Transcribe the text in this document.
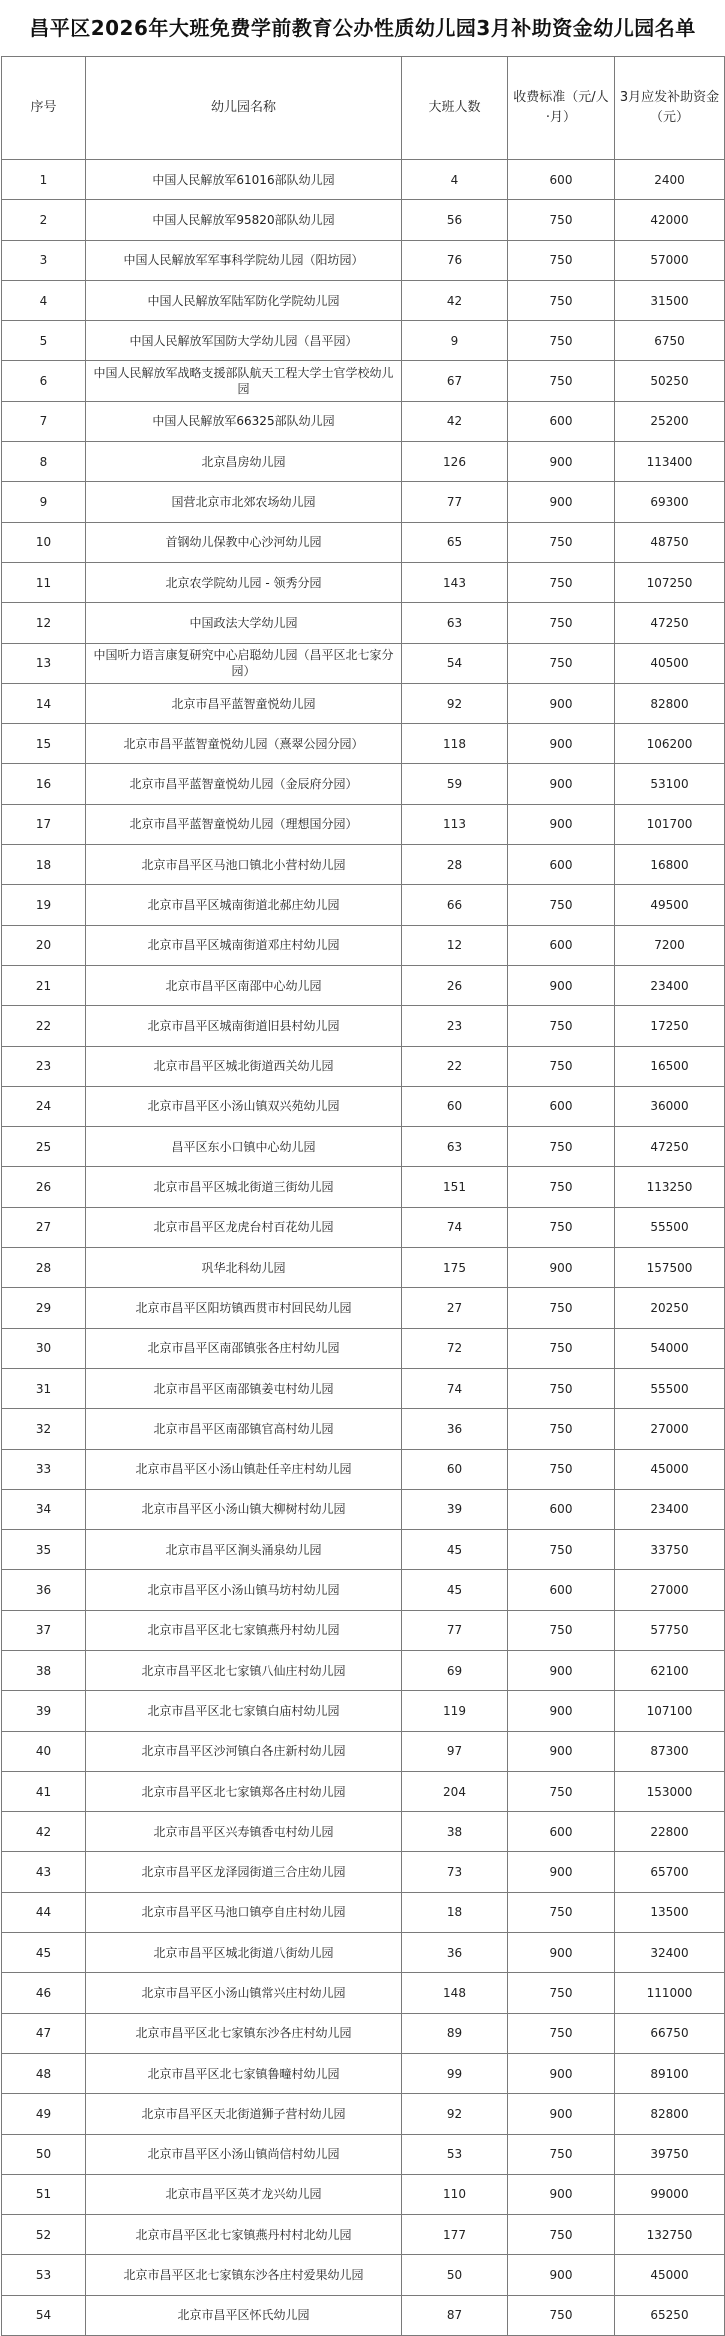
昌平区2026年大班免费学前教育公办性质幼儿园3月补助资金幼儿园名单
序号	幼儿园名称	大班人数	收费标准（元/人·月）	3月应发补助资金（元）
1	中国人民解放军61016部队幼儿园	4	600	2400
2	中国人民解放军95820部队幼儿园	56	750	42000
3	中国人民解放军军事科学院幼儿园（阳坊园）	76	750	57000
4	中国人民解放军陆军防化学院幼儿园	42	750	31500
5	中国人民解放军国防大学幼儿园（昌平园）	9	750	6750
6	中国人民解放军战略支援部队航天工程大学士官学校幼儿园	67	750	50250
7	中国人民解放军66325部队幼儿园	42	600	25200
8	北京昌房幼儿园	126	900	113400
9	国营北京市北郊农场幼儿园	77	900	69300
10	首钢幼儿保教中心沙河幼儿园	65	750	48750
11	北京农学院幼儿园 - 领秀分园	143	750	107250
12	中国政法大学幼儿园	63	750	47250
13	中国听力语言康复研究中心启聪幼儿园（昌平区北七家分园）	54	750	40500
14	北京市昌平蓝智童悦幼儿园	92	900	82800
15	北京市昌平蓝智童悦幼儿园（熹翠公园分园）	118	900	106200
16	北京市昌平蓝智童悦幼儿园（金辰府分园）	59	900	53100
17	北京市昌平蓝智童悦幼儿园（理想国分园）	113	900	101700
18	北京市昌平区马池口镇北小营村幼儿园	28	600	16800
19	北京市昌平区城南街道北郝庄幼儿园	66	750	49500
20	北京市昌平区城南街道邓庄村幼儿园	12	600	7200
21	北京市昌平区南邵中心幼儿园	26	900	23400
22	北京市昌平区城南街道旧县村幼儿园	23	750	17250
23	北京市昌平区城北街道西关幼儿园	22	750	16500
24	北京市昌平区小汤山镇双兴苑幼儿园	60	600	36000
25	昌平区东小口镇中心幼儿园	63	750	47250
26	北京市昌平区城北街道三街幼儿园	151	750	113250
27	北京市昌平区龙虎台村百花幼儿园	74	750	55500
28	巩华北科幼儿园	175	900	157500
29	北京市昌平区阳坊镇西贯市村回民幼儿园	27	750	20250
30	北京市昌平区南邵镇张各庄村幼儿园	72	750	54000
31	北京市昌平区南邵镇姜屯村幼儿园	74	750	55500
32	北京市昌平区南邵镇官高村幼儿园	36	750	27000
33	北京市昌平区小汤山镇赴任辛庄村幼儿园	60	750	45000
34	北京市昌平区小汤山镇大柳树村幼儿园	39	600	23400
35	北京市昌平区涧头涌泉幼儿园	45	750	33750
36	北京市昌平区小汤山镇马坊村幼儿园	45	600	27000
37	北京市昌平区北七家镇燕丹村幼儿园	77	750	57750
38	北京市昌平区北七家镇八仙庄村幼儿园	69	900	62100
39	北京市昌平区北七家镇白庙村幼儿园	119	900	107100
40	北京市昌平区沙河镇白各庄新村幼儿园	97	900	87300
41	北京市昌平区北七家镇郑各庄村幼儿园	204	750	153000
42	北京市昌平区兴寿镇香屯村幼儿园	38	600	22800
43	北京市昌平区龙泽园街道三合庄幼儿园	73	900	65700
44	北京市昌平区马池口镇亭自庄村幼儿园	18	750	13500
45	北京市昌平区城北街道八街幼儿园	36	900	32400
46	北京市昌平区小汤山镇常兴庄村幼儿园	148	750	111000
47	北京市昌平区北七家镇东沙各庄村幼儿园	89	750	66750
48	北京市昌平区北七家镇鲁疃村幼儿园	99	900	89100
49	北京市昌平区天北街道狮子营村幼儿园	92	900	82800
50	北京市昌平区小汤山镇尚信村幼儿园	53	750	39750
51	北京市昌平区英才龙兴幼儿园	110	900	99000
52	北京市昌平区北七家镇燕丹村村北幼儿园	177	750	132750
53	北京市昌平区北七家镇东沙各庄村爱果幼儿园	50	900	45000
54	北京市昌平区怀氏幼儿园	87	750	65250
